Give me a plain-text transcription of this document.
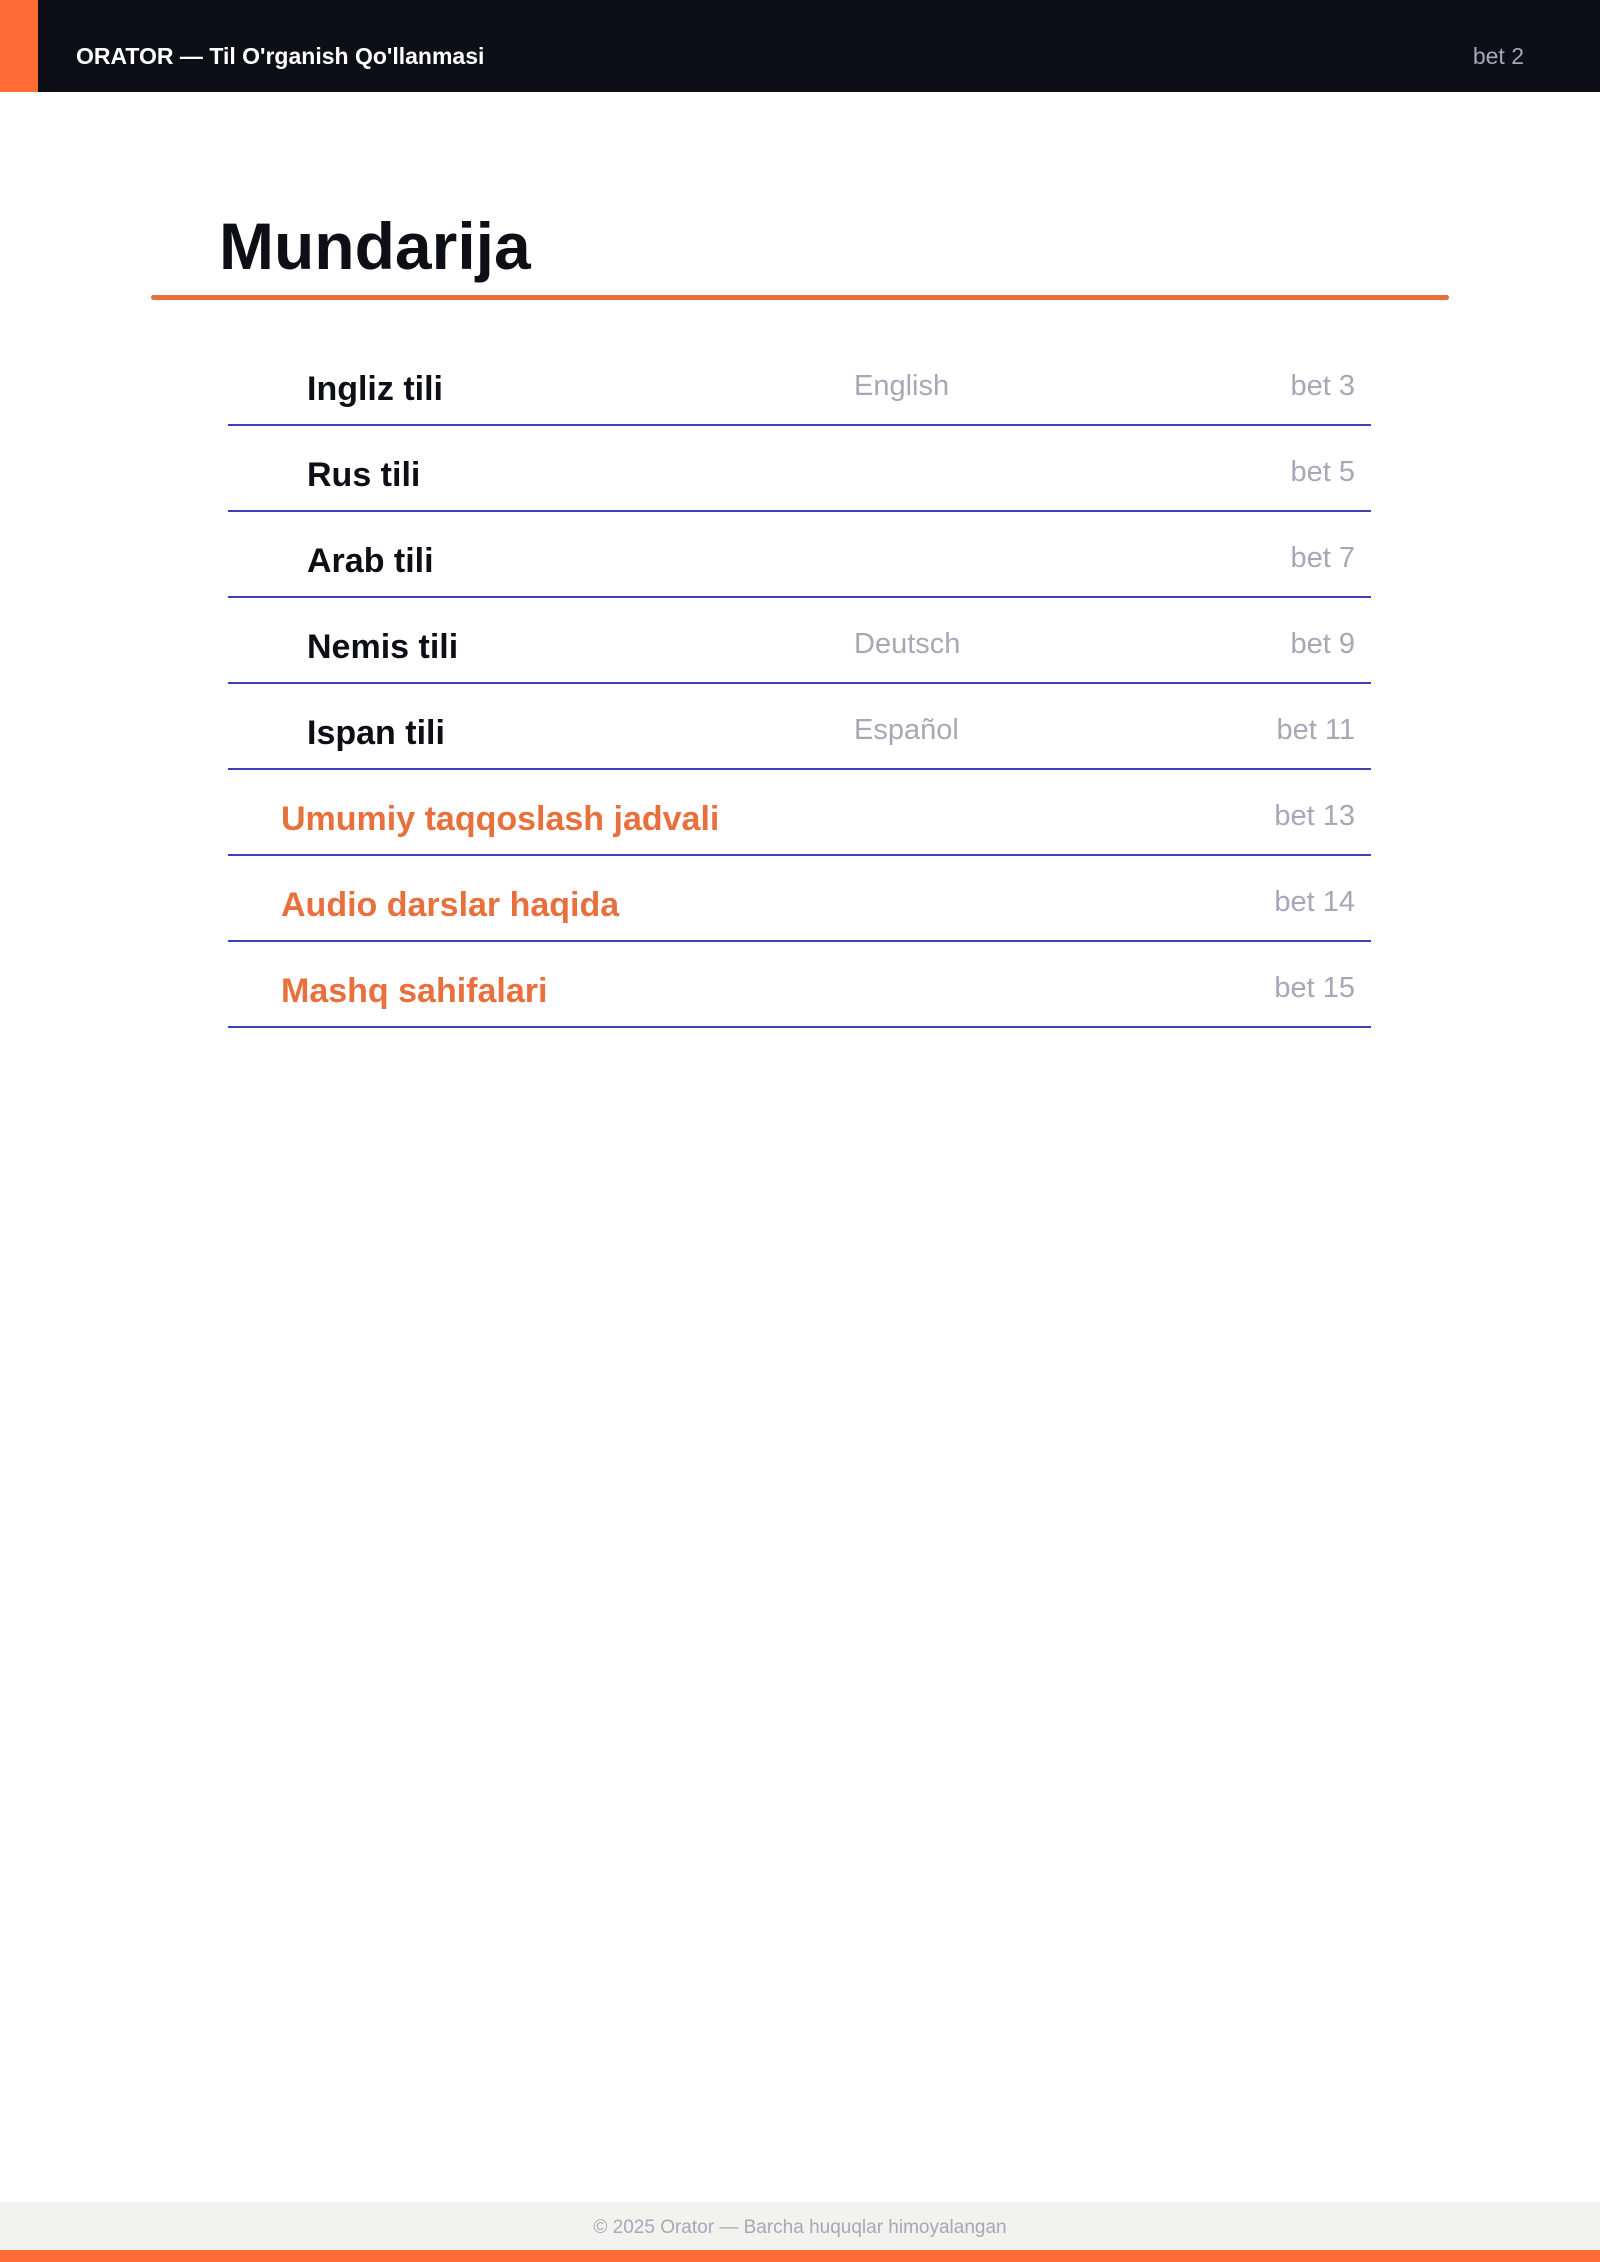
ORATOR — Til O'rganish Qo'llanmasi	bet 2
Mundarija
Ingliz tili	English	bet 3
Rus tili	bet 5
Arab tili	bet 7
Nemis tili	Deutsch	bet 9
Ispan tili	Español	bet 11
Umumiy taqqoslash jadvali	bet 13
Audio darslar haqida	bet 14
Mashq sahifalari	bet 15
© 2025 Orator — Barcha huquqlar himoyalangan
